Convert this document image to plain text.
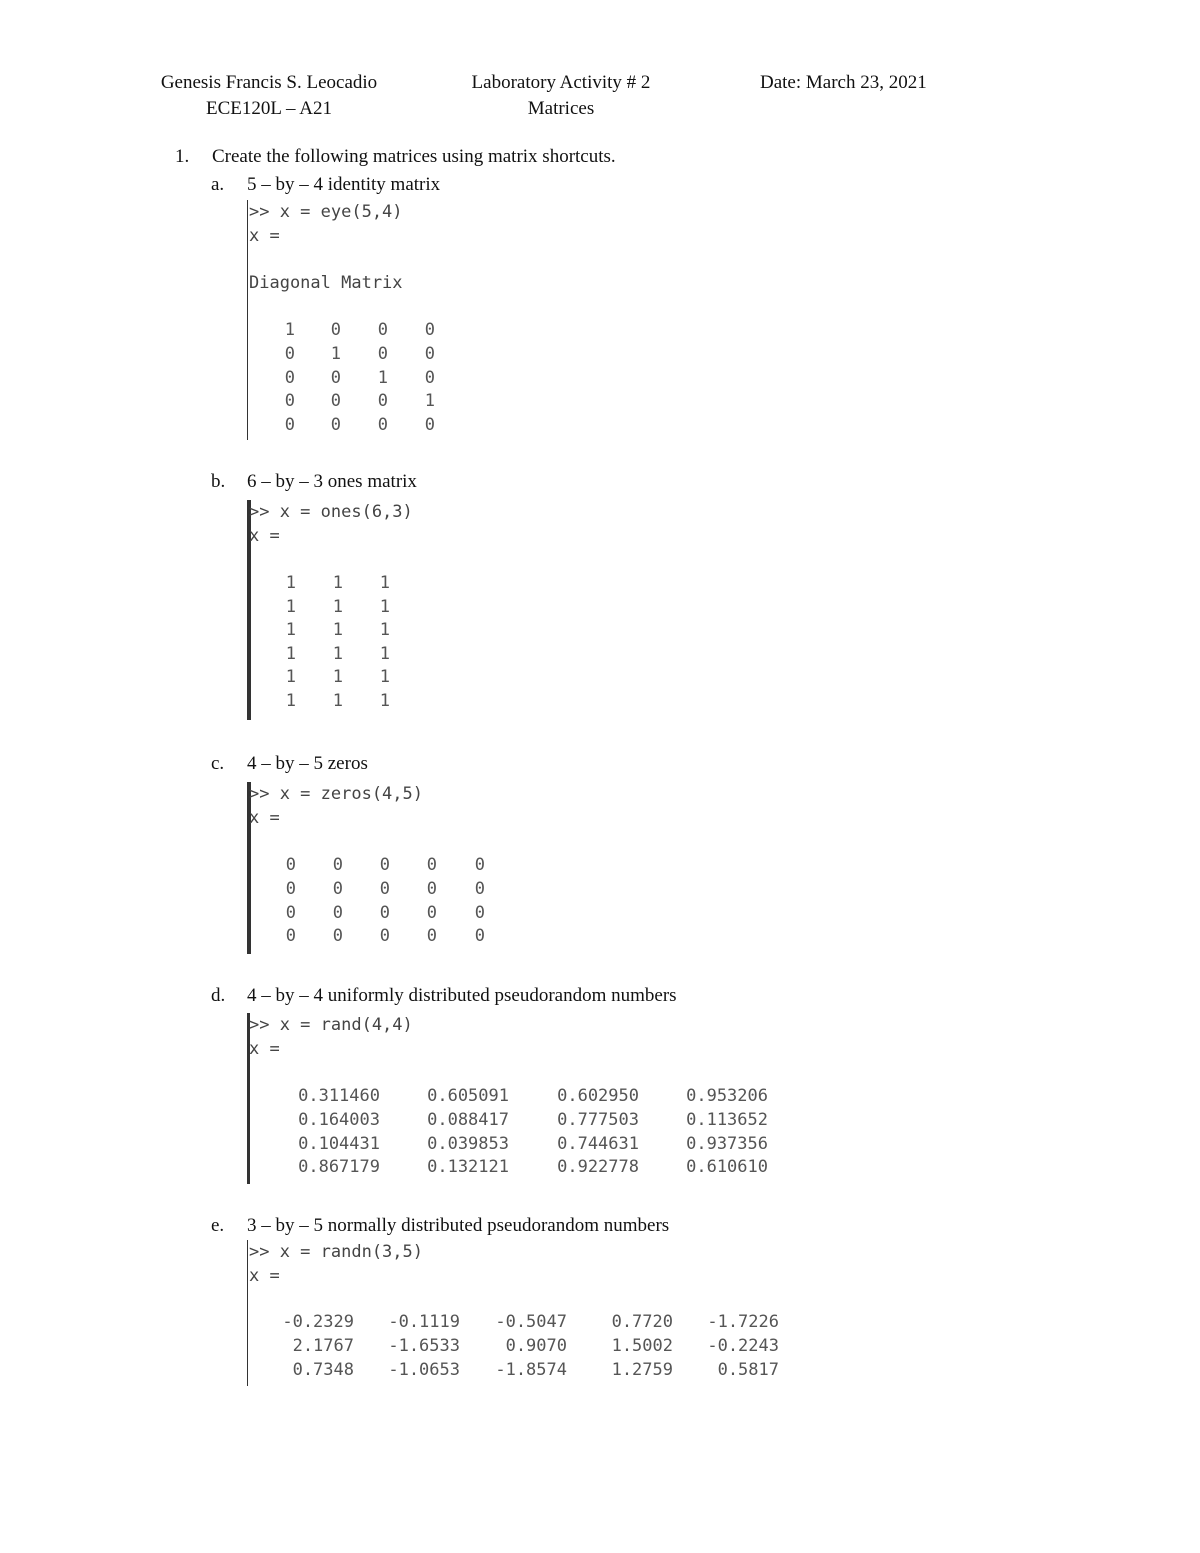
Genesis Francis S. Leocadio
ECE120L – A21
Laboratory Activity # 2
Matrices
Date: March 23, 2021
1. Create the following matrices using matrix shortcuts.
a. 5 – by – 4 identity matrix
b. 6 – by – 3 ones matrix
c. 4 – by – 5 zeros
d. 4 – by – 4 uniformly distributed pseudorandom numbers
e. 3 – by – 5 normally distributed pseudorandom numbers
>> x = eye(5,4)
x =
Diagonal Matrix
1 0 0 0
0 1 0 0
0 0 1 0
0 0 0 1
0 0 0 0
>> x = ones(6,3)
x =
1 1 1
1 1 1
1 1 1
1 1 1
1 1 1
1 1 1
>> x = zeros(4,5)
x =
0 0 0 0 0
0 0 0 0 0
0 0 0 0 0
0 0 0 0 0
>> x = rand(4,4)
x =
0.311460	0.605091	0.602950	0.953206
0.164003	0.088417	0.777503	0.113652
0.104431	0.039853	0.744631	0.937356
0.867179	0.132121	0.922778	0.610610
>> x = randn(3,5)
x =
-0.2329 -0.1119 -0.5047	0.7720 -1.7226
2.1767 -1.6533	0.9070	1.5002 -0.2243
0.7348 -1.0653 -1.8574	1.2759	0.5817
